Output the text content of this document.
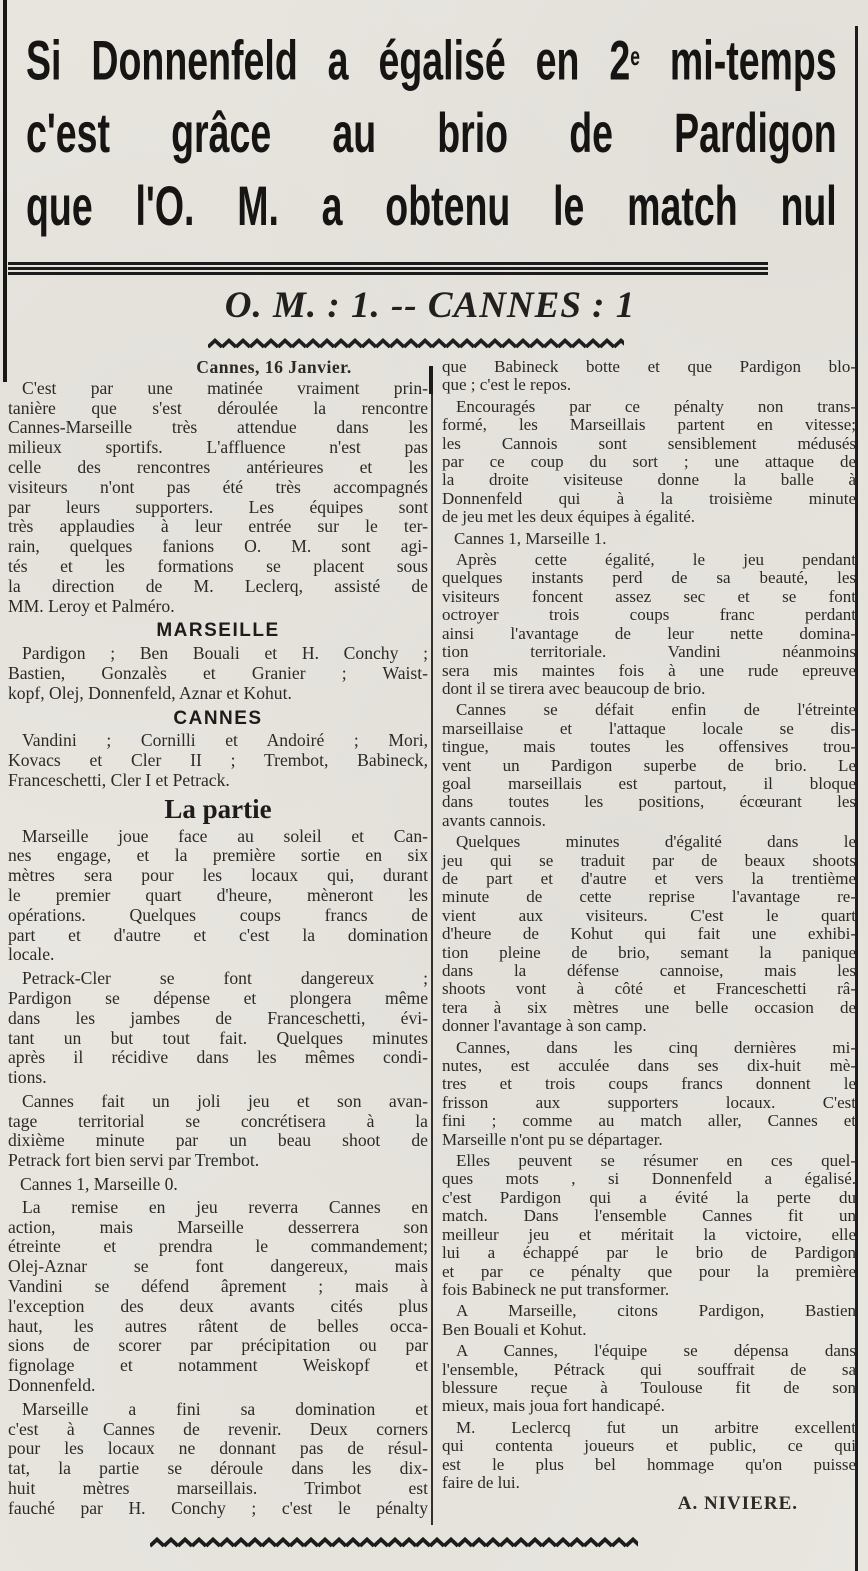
Si Donnenfeld a égalisé en 2e mi-temps
c'est grâce au brio de Pardigon
que l'O. M. a obtenu le match nul
O. M. : 1. -- CANNES : 1
Cannes, 16 Janvier.
C'est par une matinée vraiment prin-
tanière que s'est déroulée la rencontre
Cannes-Marseille très attendue dans les
milieux sportifs. L'affluence n'est pas
celle des rencontres antérieures et les
visiteurs n'ont pas été très accompagnés
par leurs supporters. Les équipes sont
très applaudies à leur entrée sur le ter-
rain, quelques fanions O. M. sont agi-
tés et les formations se placent sous
la direction de M. Leclerq, assisté de
MM. Leroy et Palméro.
MARSEILLE
Pardigon ; Ben Bouali et H. Conchy ;
Bastien, Gonzalès et Granier ; Waist-
kopf, Olej, Donnenfeld, Aznar et Kohut.
CANNES
Vandini ; Cornilli et Andoiré ; Mori,
Kovacs et Cler II ; Trembot, Babineck,
Franceschetti, Cler I et Petrack.
La partie
Marseille joue face au soleil et Can-
nes engage, et la première sortie en six
mètres sera pour les locaux qui, durant
le premier quart d'heure, mèneront les
opérations. Quelques coups francs de
part et d'autre et c'est la domination
locale.
Petrack-Cler se font dangereux ;
Pardigon se dépense et plongera même
dans les jambes de Franceschetti, évi-
tant un but tout fait. Quelques minutes
après il récidive dans les mêmes condi-
tions.
Cannes fait un joli jeu et son avan-
tage territorial se concrétisera à la
dixième minute par un beau shoot de
Petrack fort bien servi par Trembot.
Cannes 1, Marseille 0.
La remise en jeu reverra Cannes en
action, mais Marseille desserrera son
étreinte et prendra le commandement;
Olej-Aznar se font dangereux, mais
Vandini se défend âprement ; mais à
l'exception des deux avants cités plus
haut, les autres râtent de belles occa-
sions de scorer par précipitation ou par
fignolage et notamment Weiskopf et
Donnenfeld.
Marseille a fini sa domination et
c'est à Cannes de revenir. Deux corners
pour les locaux ne donnant pas de résul-
tat, la partie se déroule dans les dix-
huit mètres marseillais. Trimbot est
fauché par H. Conchy ; c'est le pénalty
que Babineck botte et que Pardigon blo-
que ; c'est le repos.
Encouragés par ce pénalty non trans-
formé, les Marseillais partent en vitesse;
les Cannois sont sensiblement médusés
par ce coup du sort ; une attaque de
la droite visiteuse donne la balle à
Donnenfeld qui à la troisième minute
de jeu met les deux équipes à égalité.
Cannes 1, Marseille 1.
Après cette égalité, le jeu pendant
quelques instants perd de sa beauté, les
visiteurs foncent assez sec et se font
octroyer trois coups franc perdant
ainsi l'avantage de leur nette domina-
tion territoriale. Vandini néanmoins
sera mis maintes fois à une rude epreuve
dont il se tirera avec beaucoup de brio.
Cannes se défait enfin de l'étreinte
marseillaise et l'attaque locale se dis-
tingue, mais toutes les offensives trou-
vent un Pardigon superbe de brio. Le
goal marseillais est partout, il bloque
dans toutes les positions, écœurant les
avants cannois.
Quelques minutes d'égalité dans le
jeu qui se traduit par de beaux shoots
de part et d'autre et vers la trentième
minute de cette reprise l'avantage re-
vient aux visiteurs. C'est le quart
d'heure de Kohut qui fait une exhibi-
tion pleine de brio, semant la panique
dans la défense cannoise, mais les
shoots vont à côté et Franceschetti râ-
tera à six mètres une belle occasion de
donner l'avantage à son camp.
Cannes, dans les cinq dernières mi-
nutes, est acculée dans ses dix-huit mè-
tres et trois coups francs donnent le
frisson aux supporters locaux. C'est
fini ; comme au match aller, Cannes et
Marseille n'ont pu se départager.
Elles peuvent se résumer en ces quel-
ques mots , si Donnenfeld a égalisé.
c'est Pardigon qui a évité la perte du
match. Dans l'ensemble Cannes fit un
meilleur jeu et méritait la victoire, elle
lui a échappé par le brio de Pardigon
et par ce pénalty que pour la première
fois Babineck ne put transformer.
A Marseille, citons Pardigon, Bastien
Ben Bouali et Kohut.
A Cannes, l'équipe se dépensa dans
l'ensemble, Pétrack qui souffrait de sa
blessure reçue à Toulouse fit de son
mieux, mais joua fort handicapé.
M. Leclercq fut un arbitre excellent
qui contenta joueurs et public, ce qui
est le plus bel hommage qu'on puisse
faire de lui.
A. NIVIERE.
